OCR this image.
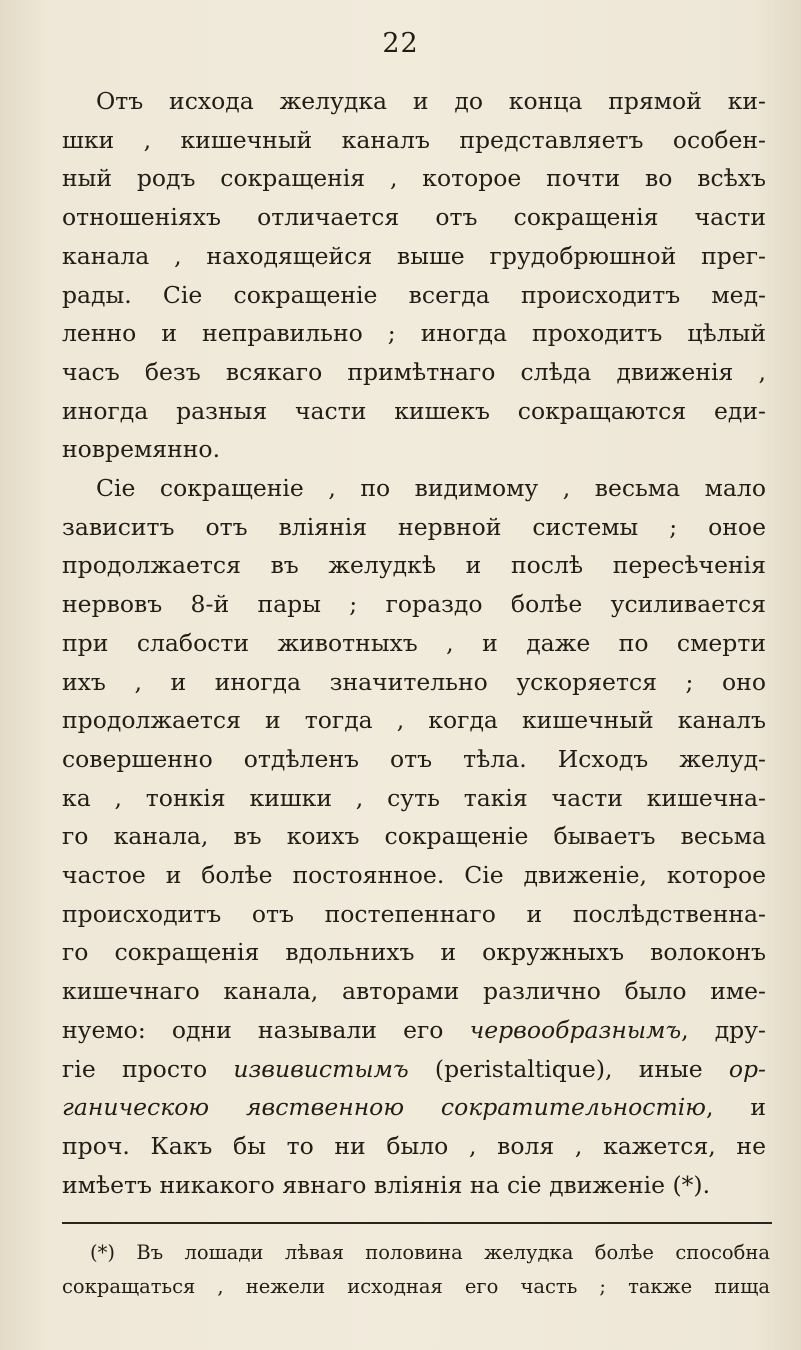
22
Отъ исхода желудка и до конца прямой ки-
шки , кишечный каналъ представляетъ особен-
ный родъ сокращенія , которое почти во всѣхъ
отношеніяхъ отличается отъ сокращенія части
канала , находящейся выше грудобрюшной прег-
рады. Сіе сокращеніе всегда происходитъ мед-
ленно и неправильно ; иногда проходитъ цѣлый
часъ безъ всякаго примѣтнаго слѣда движенія ,
иногда разныя части кишекъ сокращаются еди-
новремянно.
Сіе сокращеніе , по видимому , весьма мало
зависитъ отъ вліянія нервной системы ; оное
продолжается въ желудкѣ и послѣ пересѣченія
нервовъ 8-й пары ; гораздо болѣе усиливается
при слабости животныхъ , и даже по смерти
ихъ , и иногда значительно ускоряется ; оно
продолжается и тогда , когда кишечный каналъ
совершенно отдѣленъ отъ тѣла. Исходъ желуд-
ка , тонкія кишки , суть такія части кишечна-
го канала, въ коихъ сокращеніе бываетъ весьма
частое и болѣе постоянное. Сіе движеніе, которое
происходитъ отъ постепеннаго и послѣдственна-
го сокращенія вдольнихъ и окружныхъ волоконъ
кишечнаго канала, авторами различно было име-
нуемо: одни называли его червообразнымъ, дру-
гіе просто извивистымъ (peristaltique), иные ор-
ганическою явственною сократительностію, и
проч. Какъ бы то ни было , воля , кажется, не
имѣетъ никакого явнаго вліянія на сіе движеніе (*).
(*) Въ лошади лѣвая половина желудка болѣе способна
сокращаться , нежели исходная его часть ; также пища
